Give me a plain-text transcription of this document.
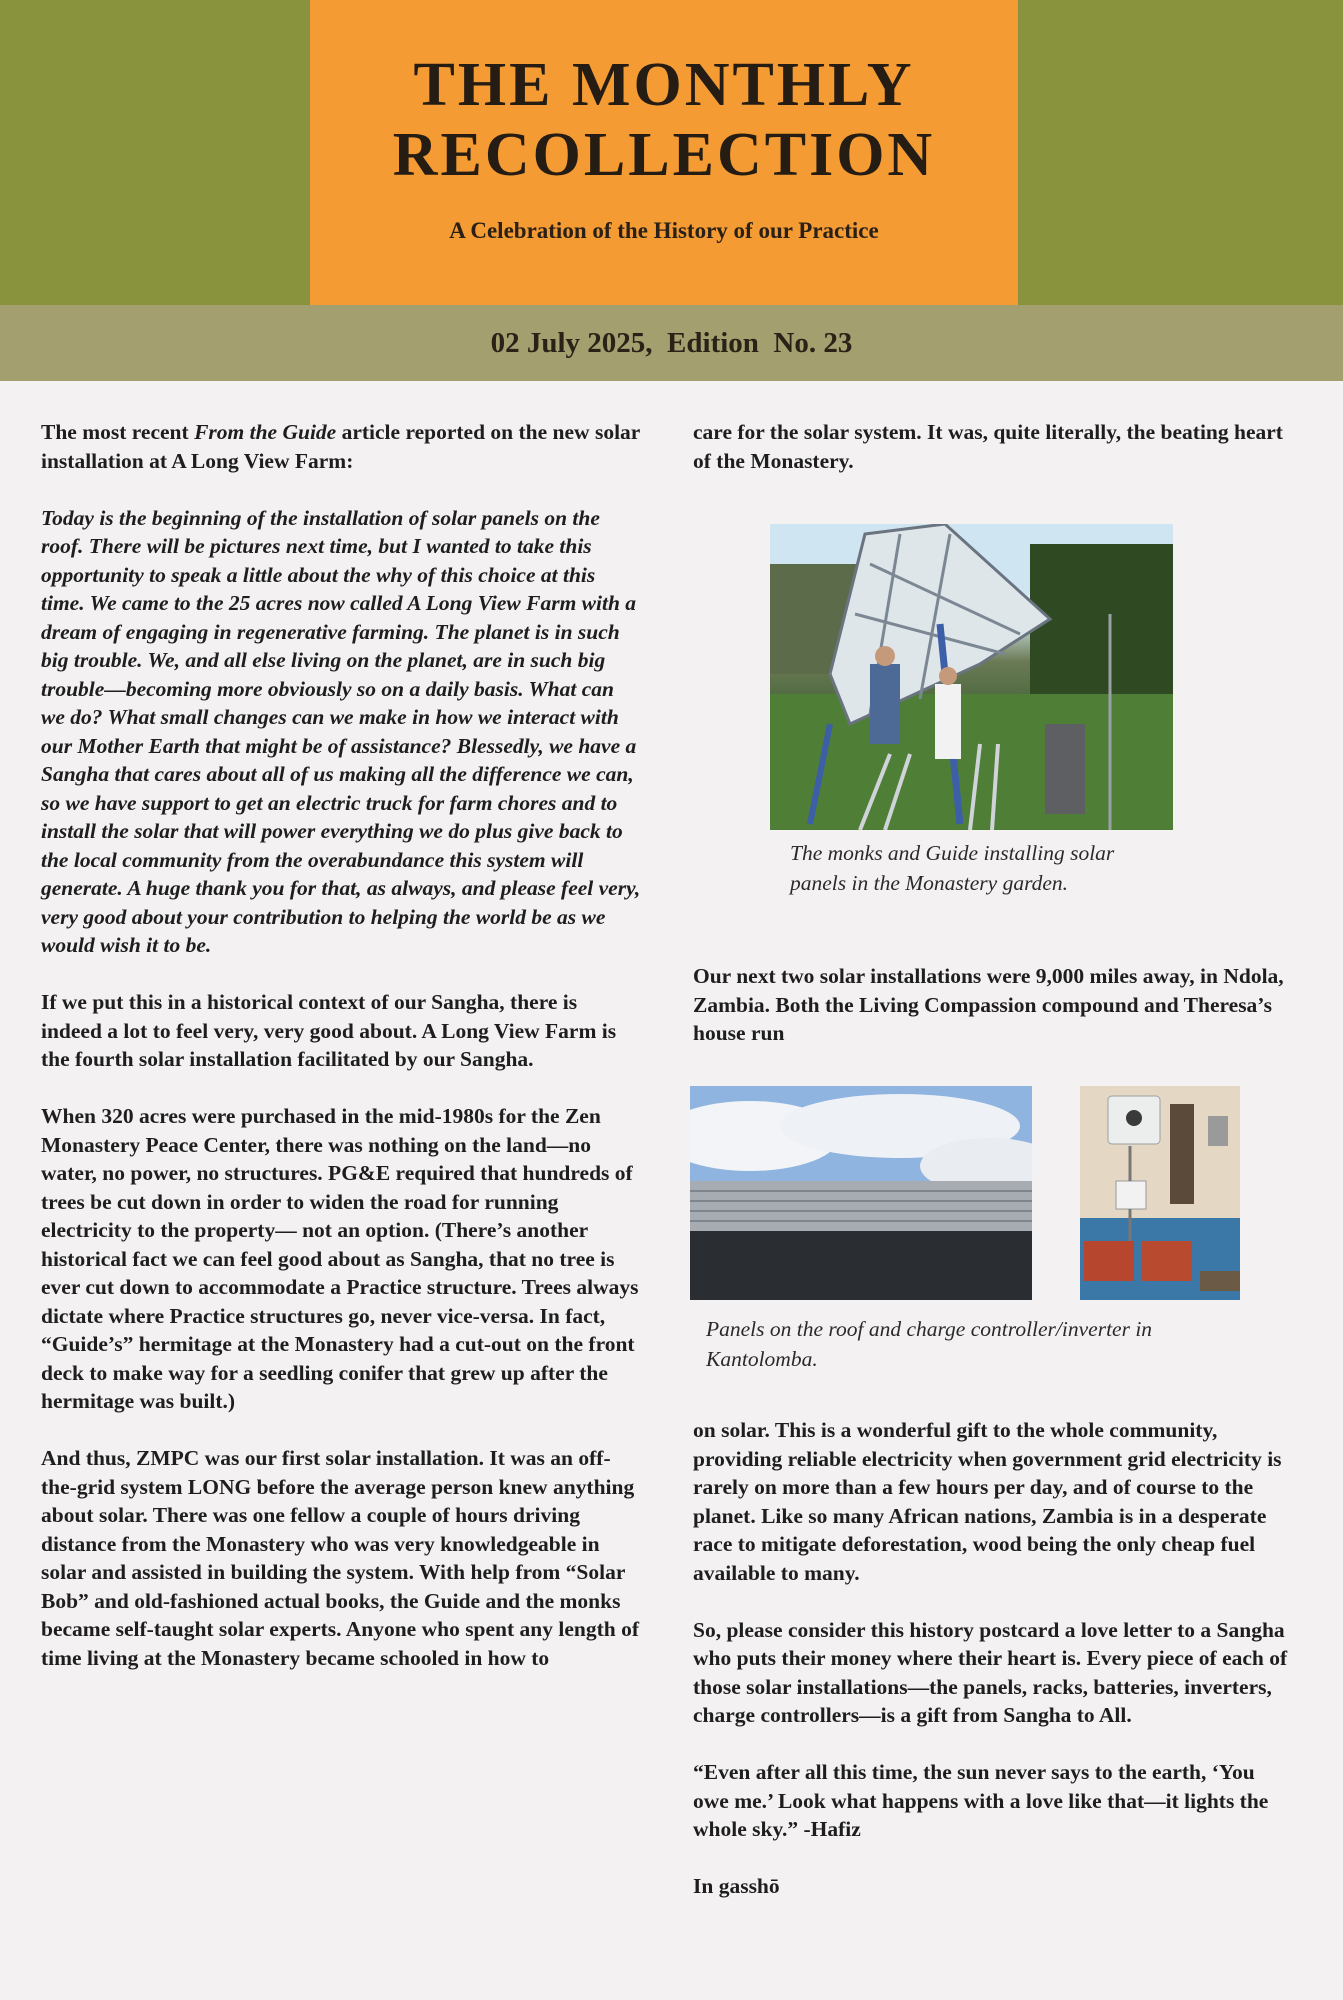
THE MONTHLY
RECOLLECTION
A Celebration of the History of our Practice
02 July 2025, Edition  No. 23

The most recent From the Guide article reported on the new solar installation at A Long View Farm:

Today is the beginning of the installation of solar panels on the roof. There will be pictures next time, but I wanted to take this opportunity to speak a little about the why of this choice at this time. We came to the 25 acres now called A Long View Farm with a dream of engaging in regenerative farming. The planet is in such big trouble. We, and all else living on the planet, are in such big trouble—becoming more obviously so on a daily basis. What can we do? What small changes can we make in how we interact with our Mother Earth that might be of assistance? Blessedly, we have a Sangha that cares about all of us making all the difference we can, so we have support to get an electric truck for farm chores and to install the solar that will power everything we do plus give back to the local community from the overabundance this system will generate. A huge thank you for that, as always, and please feel very, very good about your contribution to helping the world be as we would wish it to be.

If we put this in a historical context of our Sangha, there is indeed a lot to feel very, very good about. A Long View Farm is the fourth solar installation facilitated by our Sangha.

When 320 acres were purchased in the mid-1980s for the Zen Monastery Peace Center, there was nothing on the land—no water, no power, no structures. PG&E required that hundreds of trees be cut down in order to widen the road for running electricity to the property— not an option. (There’s another historical fact we can feel good about as Sangha, that no tree is ever cut down to accommodate a Practice structure. Trees always dictate where Practice structures go, never vice-versa. In fact, “Guide’s” hermitage at the Monastery had a cut-out on the front deck to make way for a seedling conifer that grew up after the hermitage was built.)

And thus, ZMPC was our first solar installation. It was an off-the-grid system LONG before the average person knew anything about solar. There was one fellow a couple of hours driving distance from the Monastery who was very knowledgeable in solar and assisted in building the system. With help from “Solar Bob” and old-fashioned actual books, the Guide and the monks became self-taught solar experts. Anyone who spent any length of time living at the Monastery became schooled in how to

care for the solar system. It was, quite literally, the beating heart of the Monastery.

The monks and Guide installing solar panels in the Monastery garden.

Our next two solar installations were 9,000 miles away, in Ndola, Zambia. Both the Living Compassion compound and Theresa’s house run

Panels on the roof and charge controller/inverter in Kantolomba.

on solar. This is a wonderful gift to the whole community, providing reliable electricity when government grid electricity is rarely on more than a few hours per day, and of course to the planet. Like so many African nations, Zambia is in a desperate race to mitigate deforestation, wood being the only cheap fuel available to many.

So, please consider this history postcard a love letter to a Sangha who puts their money where their heart is. Every piece of each of those solar installations—the panels, racks, batteries, inverters, charge controllers—is a gift from Sangha to All.

“Even after all this time, the sun never says to the earth, ‘You owe me.’ Look what happens with a love like that—it lights the whole sky.” -Hafiz

In gasshō
